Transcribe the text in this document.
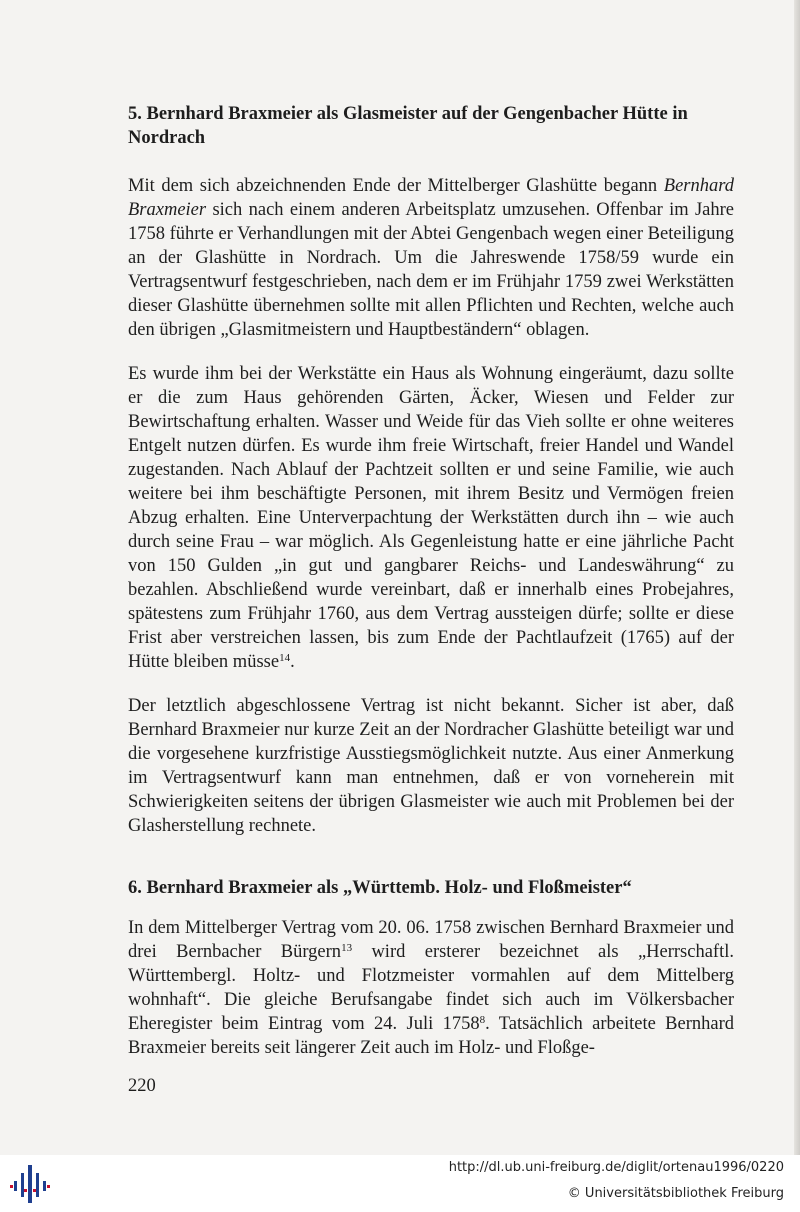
5. Bernhard Braxmeier als Glasmeister auf der Gengenbacher Hütte in Nordrach

Mit dem sich abzeichnenden Ende der Mittelberger Glashütte begann Bernhard Braxmeier sich nach einem anderen Arbeitsplatz umzusehen. Offenbar im Jahre 1758 führte er Verhandlungen mit der Abtei Gengenbach wegen einer Beteiligung an der Glashütte in Nordrach. Um die Jahreswende 1758/59 wurde ein Vertragsentwurf festgeschrieben, nach dem er im Frühjahr 1759 zwei Werkstätten dieser Glashütte übernehmen sollte mit allen Pflichten und Rechten, welche auch den übrigen „Glasmitmeistern und Hauptbeständern“ oblagen.

Es wurde ihm bei der Werkstätte ein Haus als Wohnung eingeräumt, dazu sollte er die zum Haus gehörenden Gärten, Äcker, Wiesen und Felder zur Bewirtschaftung erhalten. Wasser und Weide für das Vieh sollte er ohne weiteres Entgelt nutzen dürfen. Es wurde ihm freie Wirtschaft, freier Handel und Wandel zugestanden. Nach Ablauf der Pachtzeit sollten er und seine Familie, wie auch weitere bei ihm beschäftigte Personen, mit ihrem Besitz und Vermögen freien Abzug erhalten. Eine Unterverpachtung der Werkstätten durch ihn – wie auch durch seine Frau – war möglich. Als Gegenleistung hatte er eine jährliche Pacht von 150 Gulden „in gut und gangbarer Reichs- und Landeswährung“ zu bezahlen. Abschließend wurde vereinbart, daß er innerhalb eines Probejahres, spätestens zum Frühjahr 1760, aus dem Vertrag aussteigen dürfe; sollte er diese Frist aber verstreichen lassen, bis zum Ende der Pachtlaufzeit (1765) auf der Hütte bleiben müsse$^{14}$.

Der letztlich abgeschlossene Vertrag ist nicht bekannt. Sicher ist aber, daß Bernhard Braxmeier nur kurze Zeit an der Nordracher Glashütte beteiligt war und die vorgesehene kurzfristige Ausstiegsmöglichkeit nutzte. Aus einer Anmerkung im Vertragsentwurf kann man entnehmen, daß er von vorneherein mit Schwierigkeiten seitens der übrigen Glasmeister wie auch mit Problemen bei der Glasherstellung rechnete.

6. Bernhard Braxmeier als „Württemb. Holz- und Floßmeister“

In dem Mittelberger Vertrag vom 20. 06. 1758 zwischen Bernhard Braxmeier und drei Bernbacher Bürgern$^{13}$ wird ersterer bezeichnet als „Herrschaftl. Württembergl. Holtz- und Flotzmeister vormahlen auf dem Mittelberg wohnhaft“. Die gleiche Berufsangabe findet sich auch im Völkersbacher Eheregister beim Eintrag vom 24. Juli 1758$^8$. Tatsächlich arbeitete Bernhard Braxmeier bereits seit längerer Zeit auch im Holz- und Floßge-

220
http://dl.ub.uni-freiburg.de/diglit/ortenau1996/0220
© Universitätsbibliothek Freiburg
